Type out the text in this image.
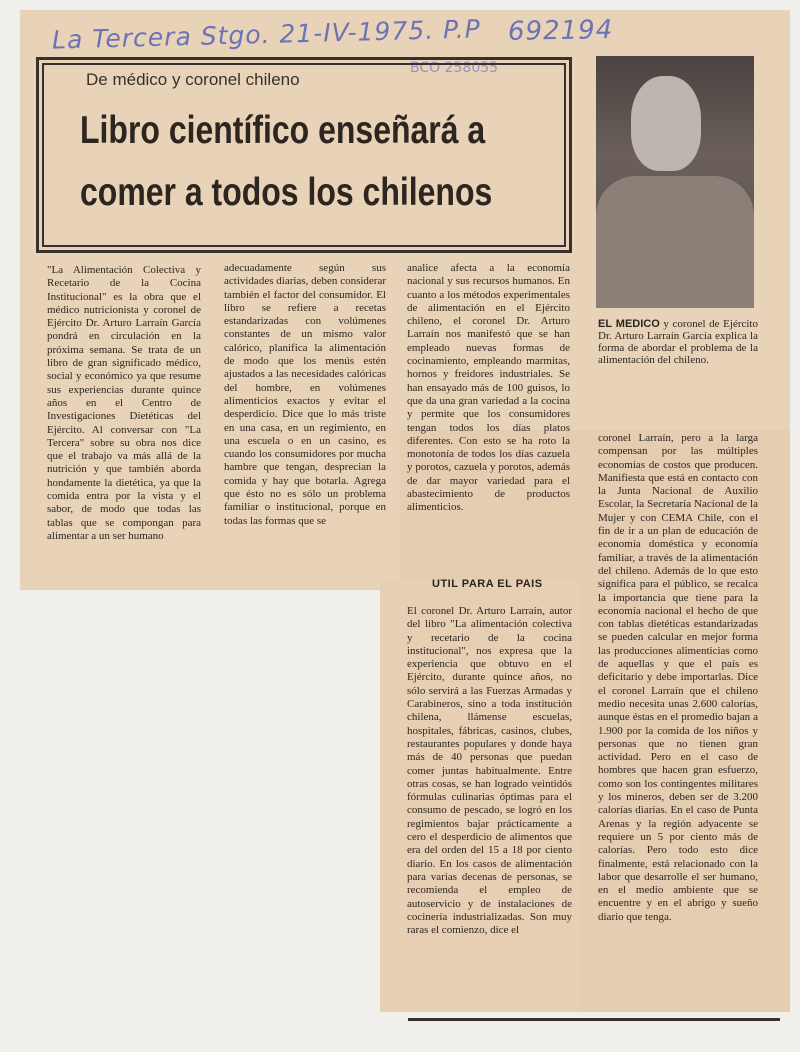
La Tercera Stgo. 21-IV-1975. P.P 692194
BCO 258055
De médico y coronel chileno
Libro científico enseñará a
comer a todos los chilenos
EL MEDICO y coronel de Ejército Dr. Arturo Larraín García explica la forma de abordar el problema de la alimentación del chileno.
"La Alimentación Colectiva y Recetario de la Cocina Institucional" es la obra que el médico nutricionista y coronel de Ejército Dr. Arturo Larraín García pondrá en circulación en la próxima semana. Se trata de un libro de gran significado médico, social y económico ya que resume sus experiencias durante quince años en el Centro de Investigaciones Dietéticas del Ejército. Al conversar con "La Tercera" sobre su obra nos dice que el trabajo va más allá de la nutrición y que también aborda hondamente la dietética, ya que la comida entra por la vista y el sabor, de modo que todas las tablas que se compongan para alimentar a un ser humano
adecuadamente según sus actividades diarias, deben considerar también el factor del consumidor. El libro se refiere a recetas estandarizadas con volúmenes constantes de un mismo valor calórico, planifica la alimentación de modo que los menús estén ajustados a las necesidades calóricas del hombre, en volúmenes alimenticios exactos y evitar el desperdicio. Dice que lo más triste en una casa, en un regimiento, en una escuela o en un casino, es cuando los consumidores por mucha hambre que tengan, desprecian la comida y hay que botarla. Agrega que ésto no es sólo un problema familiar o institucional, porque en todas las formas que se
analice afecta a la economía nacional y sus recursos humanos. En cuanto a los métodos experimentales de alimentación en el Ejército chileno, el coronel Dr. Arturo Larraín nos manifestó que se han empleado nuevas formas de cocinamiento, empleando marmitas, hornos y freidores industriales. Se han ensayado más de 100 guisos, lo que da una gran variedad a la cocina y permite que los consumidores tengan todos los días platos diferentes. Con esto se ha roto la monotonía de todos los días cazuela y porotos, cazuela y porotos, además de dar mayor variedad para el abastecimiento de productos alimenticios.
UTIL PARA EL PAIS
El coronel Dr. Arturo Larraín, autor del libro "La alimentación colectiva y recetario de la cocina institucional", nos expresa que la experiencia que obtuvo en el Ejército, durante quince años, no sólo servirá a las Fuerzas Armadas y Carabineros, sino a toda institución chilena, llámense escuelas, hospitales, fábricas, casinos, clubes, restaurantes populares y donde haya más de 40 personas que puedan comer juntas habitualmente. Entre otras cosas, se han logrado veintidós fórmulas culinarias óptimas para el consumo de pescado, se logró en los regimientos bajar prácticamente a cero el desperdicio de alimentos que era del orden del 15 a 18 por ciento diario. En los casos de alimentación para varias decenas de personas, se recomienda el empleo de autoservicio y de instalaciones de cocinería industrializadas. Son muy raras el comienzo, dice el
coronel Larraín, pero a la larga compensan por las múltiples economías de costos que producen. Manifiesta que está en contacto con la Junta Nacional de Auxilio Escolar, la Secretaría Nacional de la Mujer y con CEMA Chile, con el fin de ir a un plan de educación de economía doméstica y economía familiar, a través de la alimentación del chileno. Además de lo que esto significa para el público, se recalca la importancia que tiene para la economía nacional el hecho de que con tablas dietéticas estandarizadas se pueden calcular en mejor forma las producciones alimenticias como de aquellas y que el país es deficitario y debe importarlas. Dice el coronel Larraín que el chileno medio necesita unas 2.600 calorías, aunque éstas en el promedio bajan a 1.900 por la comida de los niños y personas que no tienen gran actividad. Pero en el caso de hombres que hacen gran esfuerzo, como son los contingentes militares y los mineros, deben ser de 3.200 calorías diarias. En el caso de Punta Arenas y la región adyacente se requiere un 5 por ciento más de calorías. Pero todo esto dice finalmente, está relacionado con la labor que desarrolle el ser humano, en el medio ambiente que se encuentre y en el abrigo y sueño diario que tenga.
